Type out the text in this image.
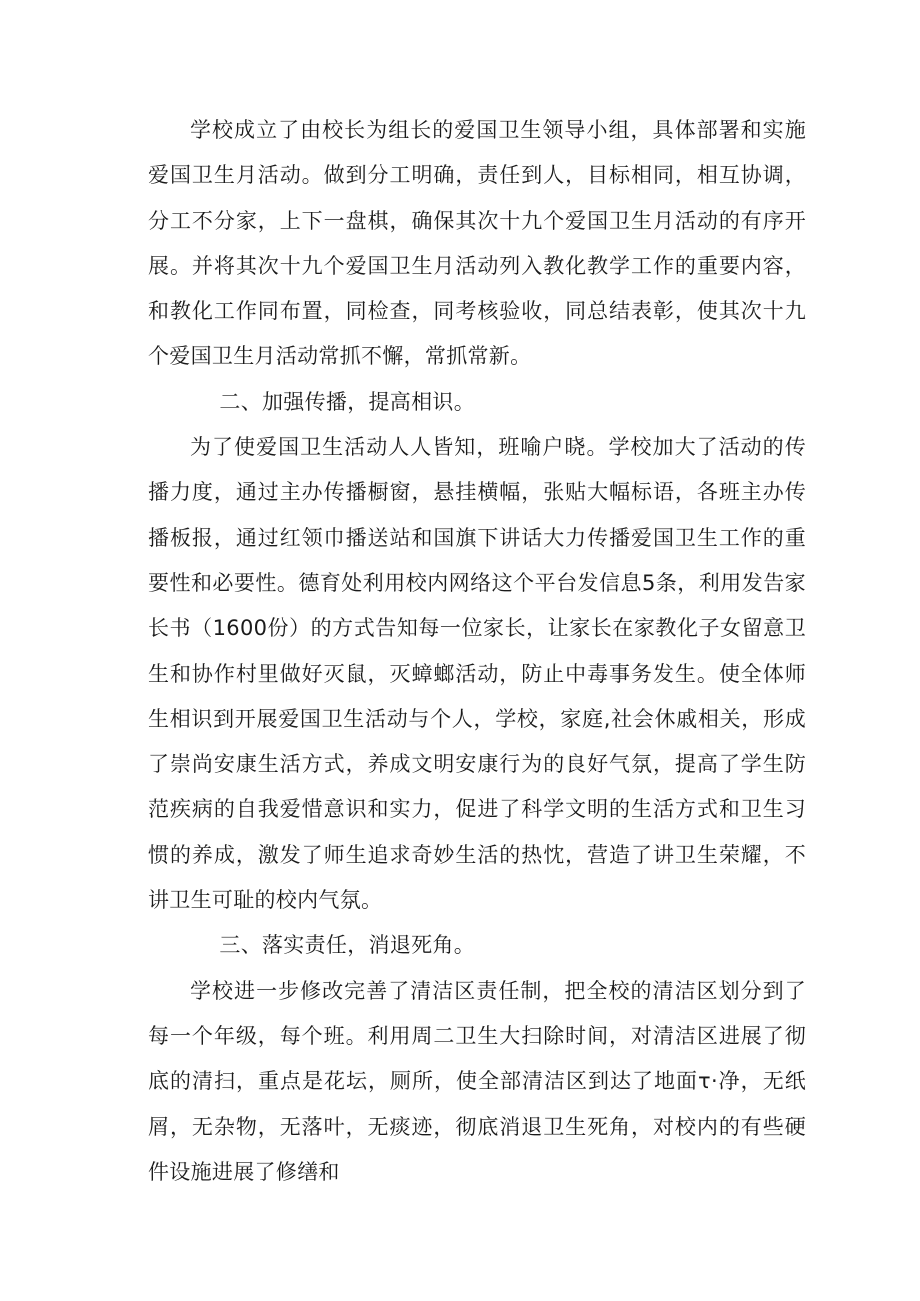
学校成立了由校长为组长的爱国卫生领导小组，具体部署和实施爱国卫生月活动。做到分工明确，责任到人，目标相同，相互协调，分工不分家，上下一盘棋，确保其次十九个爱国卫生月活动的有序开展。并将其次十九个爱国卫生月活动列入教化教学工作的重要内容，和教化工作同布置，同检查，同考核验收，同总结表彰，使其次十九个爱国卫生月活动常抓不懈，常抓常新。

二、加强传播，提高相识。

为了使爱国卫生活动人人皆知，班喻户晓。学校加大了活动的传播力度，通过主办传播橱窗，悬挂横幅，张贴大幅标语，各班主办传播板报，通过红领巾播送站和国旗下讲话大力传播爱国卫生工作的重要性和必要性。德育处利用校内网络这个平台发信息5条，利用发告家长书（1600份）的方式告知每一位家长，让家长在家教化子女留意卫生和协作村里做好灭鼠，灭蟑螂活动，防止中毒事务发生。使全体师生相识到开展爱国卫生活动与个人，学校，家庭,社会休戚相关，形成了崇尚安康生活方式，养成文明安康行为的良好气氛，提高了学生防范疾病的自我爱惜意识和实力，促进了科学文明的生活方式和卫生习惯的养成，激发了师生追求奇妙生活的热忱，营造了讲卫生荣耀，不讲卫生可耻的校内气氛。

三、落实责任，消退死角。

学校进一步修改完善了清洁区责任制，把全校的清洁区划分到了每一个年级，每个班。利用周二卫生大扫除时间，对清洁区进展了彻底的清扫，重点是花坛，厕所，使全部清洁区到达了地面τ·净，无纸屑，无杂物，无落叶，无痰迹，彻底消退卫生死角，对校内的有些硬件设施进展了修缮和
